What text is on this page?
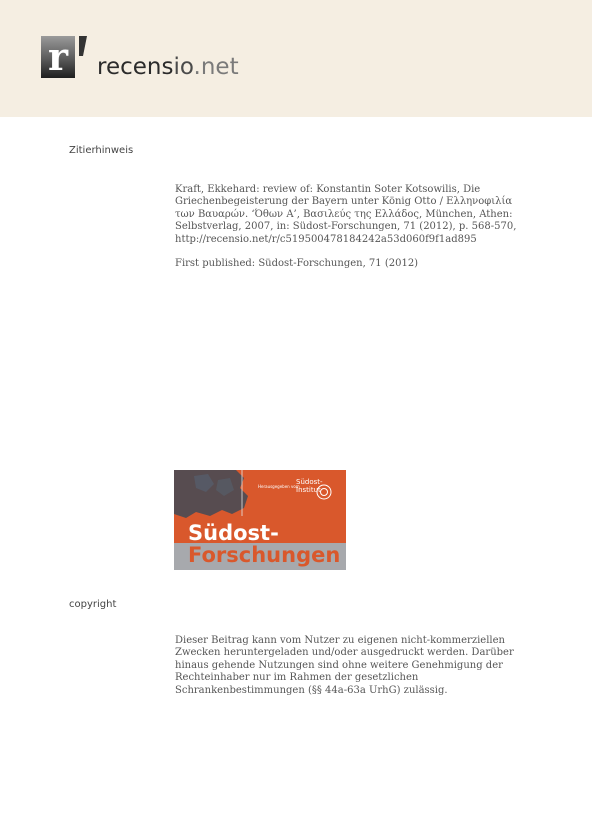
r recensio.net
Zitierhinweis

Kraft, Ekkehard: review of: Konstantin Soter Kotsowilis, Die

Griechenbegeisterung der Bayern unter König Otto / Ελληνοφιλία

των Βαυαρών. ‘Όθων Α’, Βασιλεύς της Ελλάδος, München, Athen:

Selbstverlag, 2007, in: Südost-Forschungen, 71 (2012), p. 568-570,

http://recensio.net/r/c519500478184242a53d060f9f1ad895

First published: Südost-Forschungen, 71 (2012)
Herausgegeben vom
Südost-
Institut
Südost-
Forschungen
copyright

Dieser Beitrag kann vom Nutzer zu eigenen nicht-kommerziellen

Zwecken heruntergeladen und/oder ausgedruckt werden. Darüber

hinaus gehende Nutzungen sind ohne weitere Genehmigung der

Rechteinhaber nur im Rahmen der gesetzlichen

Schrankenbestimmungen (§§ 44a-63a UrhG) zulässig.
